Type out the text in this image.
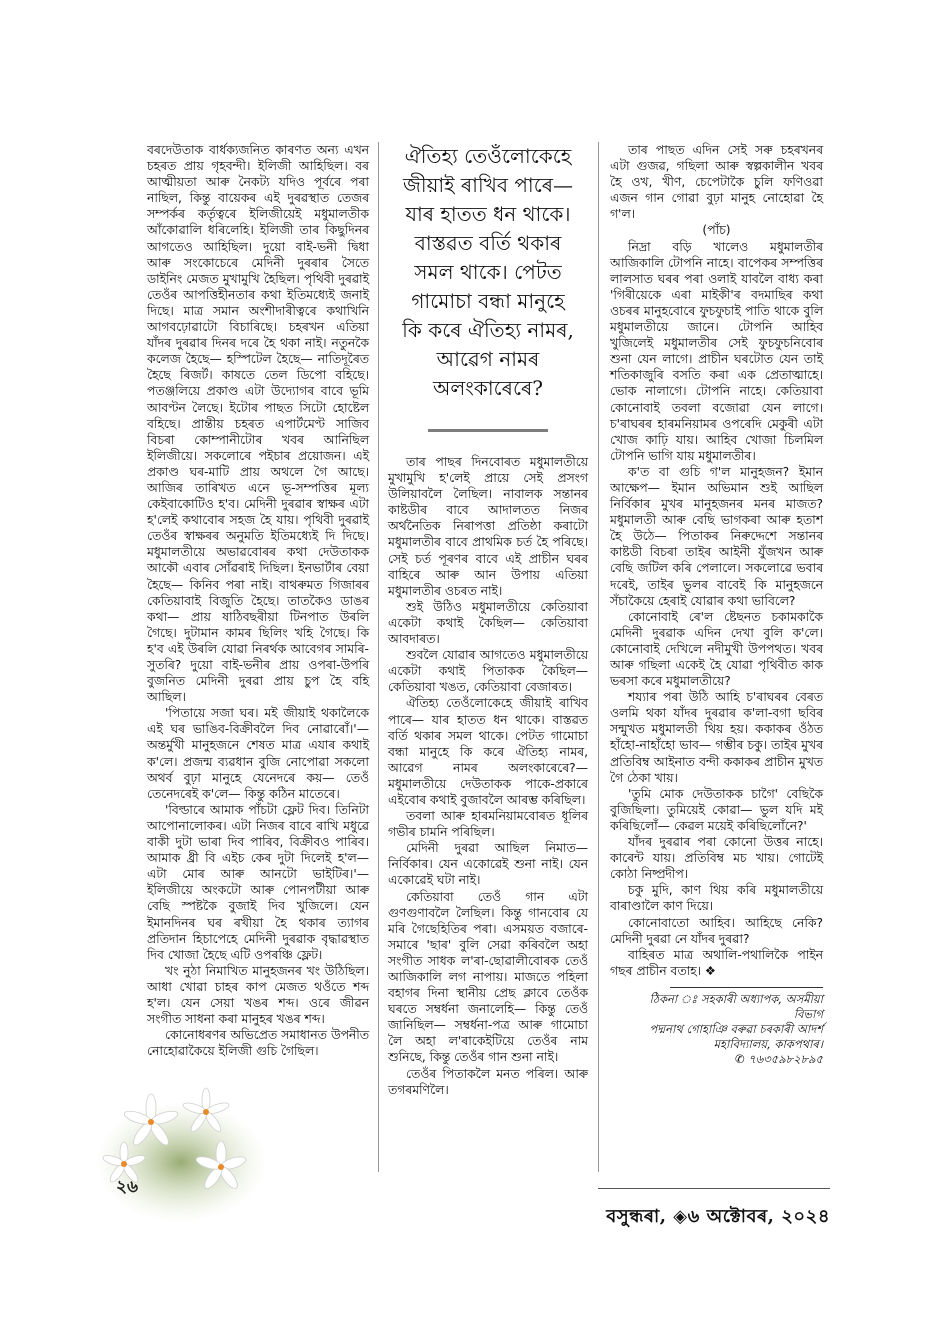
বৰদেউতাক বাৰ্ধক্যজনিত কাৰণত অন্য এখন চহৰত প্ৰায় গৃহবন্দী। ইলিজী আহিছিল। বৰ আত্মীয়তা আৰু নৈকট্য যদিও পূৰ্বৰে পৰা নাছিল, কিন্তু বায়েকৰ এই দুৰৱস্থাত তেজৰ সম্পৰ্কৰ কৰ্তৃত্বৰে ইলিজীয়েই মধুমালতীক আঁকোৱালি ধৰিলেহি। ইলিজী তাৰ কিছুদিনৰ আগতেও আহিছিল। দুয়ো বাই-ভনী দ্বিধা আৰু সংকোচেৰে মেদিনী দুৰৰাৰ সৈতে ডাইনিং মেজত মুখামুখি হৈছিল। পৃথিবী দুৰৱাই তেওঁৰ আপত্তিহীনতাৰ কথা ইতিমধ্যেই জনাই দিছে। মাত্ৰ সমান অংশীদাৰীত্বৰে কথাখিনি আগবঢ়োৱাটো বিচাৰিছে। চহৰখন এতিয়া যাঁদৰ দুৰৱাৰ দিনৰ দৰে হৈ থকা নাই। নতুনকৈ কলেজ হৈছে— হস্পিটেল হৈছে— নাতিদূৰৈত হৈছে ৰিজৰ্ট। কাষতে তেল ডিপো বহিছে। পতঞ্জলিয়ে প্ৰকাণ্ড এটা উদ্যোগৰ বাবে ভূমি আবণ্টন লৈছে। ইটোৰ পাছত সিটো হোষ্টেল বহিছে। প্ৰান্তীয় চহৰত এপাৰ্টমেণ্ট সাজিব বিচৰা কোম্পানীটোৰ খবৰ আনিছিল ইলিজীয়ে। সকলোৰে পইচাৰ প্ৰয়োজন। এই প্ৰকাণ্ড ঘৰ-মাটি প্ৰায় অথলে গৈ আছে। আজিৰ তাৰিখত এনে ভূ-সম্পত্তিৰ মূল্য কেইবাকোটিও হ'ব। মেদিনী দুৰৱাৰ স্বাক্ষৰ এটা হ'লেই কথাবোৰ সহজ হৈ যায়। পৃথিবী দুৰৱাই তেওঁৰ স্বাক্ষৰৰ অনুমতি ইতিমধ্যেই দি দিছে। মধুমালতীয়ে অভাৱবোৰৰ কথা দেউতাকক আকৌ এবাৰ সোঁৱৰাই দিছিল। ইনভাৰ্টাৰ বেয়া হৈছে— কিনিব পৰা নাই। বাথৰুমত গিজাৰৰ কেতিয়াবাই বিজুতি হৈছে। তাতকৈও ডাঙৰ কথা— প্ৰায় ষাঠিবছৰীয়া টিনপাত উৰলি গৈছে। দুটামান কামৰ ছিলিং খহি গৈছে। কি হ'ব এই উৰলি যোৱা নিৰৰ্থক আবেগৰ সামৰি-সুতৰি? দুয়ো বাই-ভনীৰ প্ৰায় ওপৰা-উপৰি বুজনিত মেদিনী দুৰৱা প্ৰায় চুপ হৈ বহি আছিল।

'পিতায়ে সজা ঘৰ। মই জীয়াই থকালৈকে এই ঘৰ ভাঙিব-বিক্ৰীবলৈ দিব নোৱাৰোঁ।'— অন্তৰ্মুখী মানুহজনে শেষত মাত্ৰ এযাৰ কথাই ক'লে। প্ৰজন্ম ব্যৱধান বুজি নোপোৱা সকলো অথৰ্ব বুঢ়া মানুহে যেনেদৰে কয়— তেওঁ তেনেদৰেই ক'লে— কিন্তু কঠিন মাতেৰে।

'বিল্ডাৰে আমাক পাঁচটা ফ্লেট দিব। তিনিটা আপোনালোকৰ। এটা নিজৰ বাবে ৰাখি মধুৱে বাকী দুটা ভাৰা দিব পাৰিব, বিক্ৰীবও পাৰিব। আমাক ধ্ৰী বি এইচ কেৰ দুটা দিলেই হ'ল— এটা মোৰ আৰু আনটো ভাইটিৰ।'— ইলিজীয়ে অংকটো আৰু পোনপটীয়া আৰু বেছি স্পষ্টকৈ বুজাই দিব খুজিলে। যেন ইমানদিনৰ ঘৰ ৰখীয়া হৈ থকাৰ ত্যাগৰ প্ৰতিদান হিচাপেহে মেদিনী দুৰৱাক বৃদ্ধাৱস্থাত দিব খোজা হৈছে এটি ওপৰঞ্চি ফ্লেট।

খং নুঠা নিমাখিত মানুহজনৰ খং উঠিছিল। আধা খোৱা চাহৰ কাপ মেজত থওঁতে শব্দ হ'ল। যেন সেয়া খঙৰ শব্দ। ওৰে জীৱন সংগীত সাধনা কৰা মানুহৰ খঙৰ শব্দ।

কোনোধৰণৰ অভিপ্ৰেত সমাধানত উপনীত নোহোৱাকৈয়ে ইলিজী গুচি গৈছিল।

ঐতিহ্য তেওঁলোকেহে
জীয়াই ৰাখিব পাৰে—
যাৰ হাতত ধন থাকে।
বাস্তৱত বৰ্তি থকাৰ
সমল থাকে। পেটত
গামোচা বন্ধা মানুহে
কি কৰে ঐতিহ্য নামৰ,
আৱেগ নামৰ
অলংকাৰেৰে?

তাৰ পাছৰ দিনবোৰত মধুমালতীয়ে মুখামুখি হ'লেই প্ৰায়ে সেই প্ৰসংগ উলিয়াবলৈ লৈছিল। নাবালক সন্তানৰ কাষ্টডীৰ বাবে আদালতত নিজৰ অৰ্থনৈতিক নিৰাপত্তা প্ৰতিষ্ঠা কৰাটো মধুমালতীৰ বাবে প্ৰাথমিক চৰ্ত হৈ পৰিছে। সেই চৰ্ত পূৰণৰ বাবে এই প্ৰাচীন ঘৰৰ বাহিৰে আৰু আন উপায় এতিয়া মধুমালতীৰ ওচৰত নাই।

শুই উঠিও মধুমালতীয়ে কেতিয়াবা একেটা কথাই কৈছিল— কেতিয়াবা আবদাৰত।

শুবলৈ যোৱাৰ আগতেও মধুমালতীয়ে একেটা কথাই পিতাকক কৈছিল— কেতিয়াবা খঙত, কেতিয়াবা বেজাৰত।

ঐতিহ্য তেওঁলোকেহে জীয়াই ৰাখিব পাৰে— যাৰ হাতত ধন থাকে। বাস্তৱত বৰ্তি থকাৰ সমল থাকে। পেটত গামোচা বন্ধা মানুহে কি কৰে ঐতিহ্য নামৰ, আৱেগ নামৰ অলংকাৰেৰে?— মধুমালতীয়ে দেউতাকক পাকে-প্ৰকাৰে এইবোৰ কথাই বুজাবলৈ আৰম্ভ কৰিছিল।

তবলা আৰু হাৰমনিয়ামবোৰত ধূলিৰ গভীৰ চামনি পৰিছিল।

মেদিনী দুৰৱা আছিল নিমাত— নিৰ্বিকাৰ। যেন একোৱেই শুনা নাই। যেন একোৱেই ঘটা নাই।

কেতিয়াবা তেওঁ গান এটা গুণগুণাবলৈ লৈছিল। কিন্তু গানবোৰ যে মৰি গৈছেহিতিৰ পৰা। এসময়ত বজাৰে-সমাৰে 'ছাৰ' বুলি সেৱা কৰিবলৈ অহা সংগীত সাধক ল'ৰা-ছোৱালীবোৰক তেওঁ আজিকালি লগ নাপায়। মাজতে পহিলা বহাগৰ দিনা স্থানীয় প্ৰেছ ক্লাবে তেওঁক ঘৰতে সম্বৰ্ধনা জনালেহি— কিন্তু তেওঁ জানিছিল— সম্বৰ্ধনা-পত্ৰ আৰু গামোচা লৈ অহা ল'ৰাকেইটিয়ে তেওঁৰ নাম শুনিছে, কিন্তু তেওঁৰ গান শুনা নাই।

তেওঁৰ পিতাকলৈ মনত পৰিল। আৰু তগৰমণিলৈ।

তাৰ পাছত এদিন সেই সৰু চহৰখনৰ এটা গুজৱ, গছিলা আৰু স্বল্পকালীন খবৰ হৈ ওখ, খীণ, চেপেটাকৈ চুলি ফণিওৱা এজন গান গোৱা বুঢ়া মানুহ নোহোৱা হৈ গ'ল।

(পাঁচ)

নিদ্ৰা বড়ি খালেও মধুমালতীৰ আজিকালি টোপনি নাহে। বাপেকৰ সম্পত্তিৰ লালসাত ঘৰৰ পৰা ওলাই যাবলৈ বাধ্য কৰা 'গিৰীয়েকে এৰা মাইকী'ৰ বদমাছিৰ কথা ওচৰৰ মানুহবোৰে ফুচফুচাই পাতি থাকে বুলি মধুমালতীয়ে জানে। টোপনি আহিব খুজিলেই মধুমালতীৰ সেই ফুচফুচনিবোৰ শুনা যেন লাগে। প্ৰাচীন ঘৰটোত যেন তাই শতিকাজুৰি বসতি কৰা এক প্ৰেতাত্মাহে। ভোক নালাগে। টোপনি নাহে। কেতিয়াবা কোনোবাই তবলা বজোৱা যেন লাগে। চ'ৰাঘৰৰ হাৰমনিয়ামৰ ওপৰেদি মেকুৰী এটা খোজ কাঢ়ি যায়। আহিব খোজা চিলমিল টোপনি ভাগি যায় মধুমালতীৰ।

ক'ত বা গুচি গ'ল মানুহজন? ইমান আক্ষেপ— ইমান অভিমান শুই আছিল নিৰ্বিকাৰ মুখৰ মানুহজনৰ মনৰ মাজত? মধুমালতী আৰু বেছি ভাগকৰা আৰু হতাশ হৈ উঠে— পিতাকৰ নিৰুদ্দেশে সন্তানৰ কাষ্টডী বিচৰা তাইৰ আইনী যুঁজখন আৰু বেছি জটিল কৰি পেলালে। সকলোৱে ভবাৰ দৰেই, তাইৰ ভুলৰ বাবেই কি মানুহজনে সঁচাকৈয়ে হেৰাই যোৱাৰ কথা ভাবিলে?

কোনোবাই ৰে'ল ষ্টেছনত চকামকাকৈ মেদিনী দুৰৱাক এদিন দেখা বুলি ক'লে। কোনোবাই দেখিলে নদীমুখী উপপথত। খবৰ আৰু গছিলা একেই হৈ যোৱা পৃথিবীত কাক ভৰসা কৰে মধুমালতীয়ে?

শয্যাৰ পৰা উঠি আহি চ'ৰাঘৰৰ বেৰত ওলমি থকা যাঁদৰ দুৰৱাৰ ক'লা-বগা ছবিৰ সন্মুখত মধুমালতী থিয় হয়। ককাকৰ ওঁঠত হাঁহো-নাহাঁহো ভাব— গম্ভীৰ চকু। তাইৰ মুখৰ প্ৰতিবিম্ব আইনাত বন্দী ককাকৰ প্ৰাচীন মুখত গৈ ঠেকা খায়।

'তুমি মোক দেউতাকক চাগৈ' বেছিকৈ বুজিছিলা। তুমিয়েই কোৱা— ভুল যদি মই কৰিছিলোঁ— কেৱল ময়েই কৰিছিলোঁনে?'

যাঁদৰ দুৰৱাৰ পৰা কোনো উত্তৰ নাহে। কাৰেন্ট যায়। প্ৰতিবিম্ব মচ খায়। গোটেই কোঠা নিষ্প্ৰদীপ।

চকু মুদি, কাণ থিয় কৰি মধুমালতীয়ে বাৰাণ্ডালৈ কাণ দিয়ে।

কোনোবাতো আহিব। আহিছে নেকি? মেদিনী দুৰৱা নে যাঁদৰ দুৰৱা?

বাহিৰত মাত্ৰ অথালি-পথালিকৈ পাইন গছৰ প্ৰাচীন বতাহ। ❖

ঠিকনা ঃ সহকাৰী অধ্যাপক, অসমীয়া

বিভাগ

পদ্মনাথ গোহাঞি বৰুৱা চৰকাৰী আদৰ্শ

মহাবিদ্যালয়, কাকপথাৰ।

✆ ৭৬৩৫৯৮২৮৯৫

বসুন্ধৰা, ◈৬ অক্টোবৰ, ২০২৪
২৬
